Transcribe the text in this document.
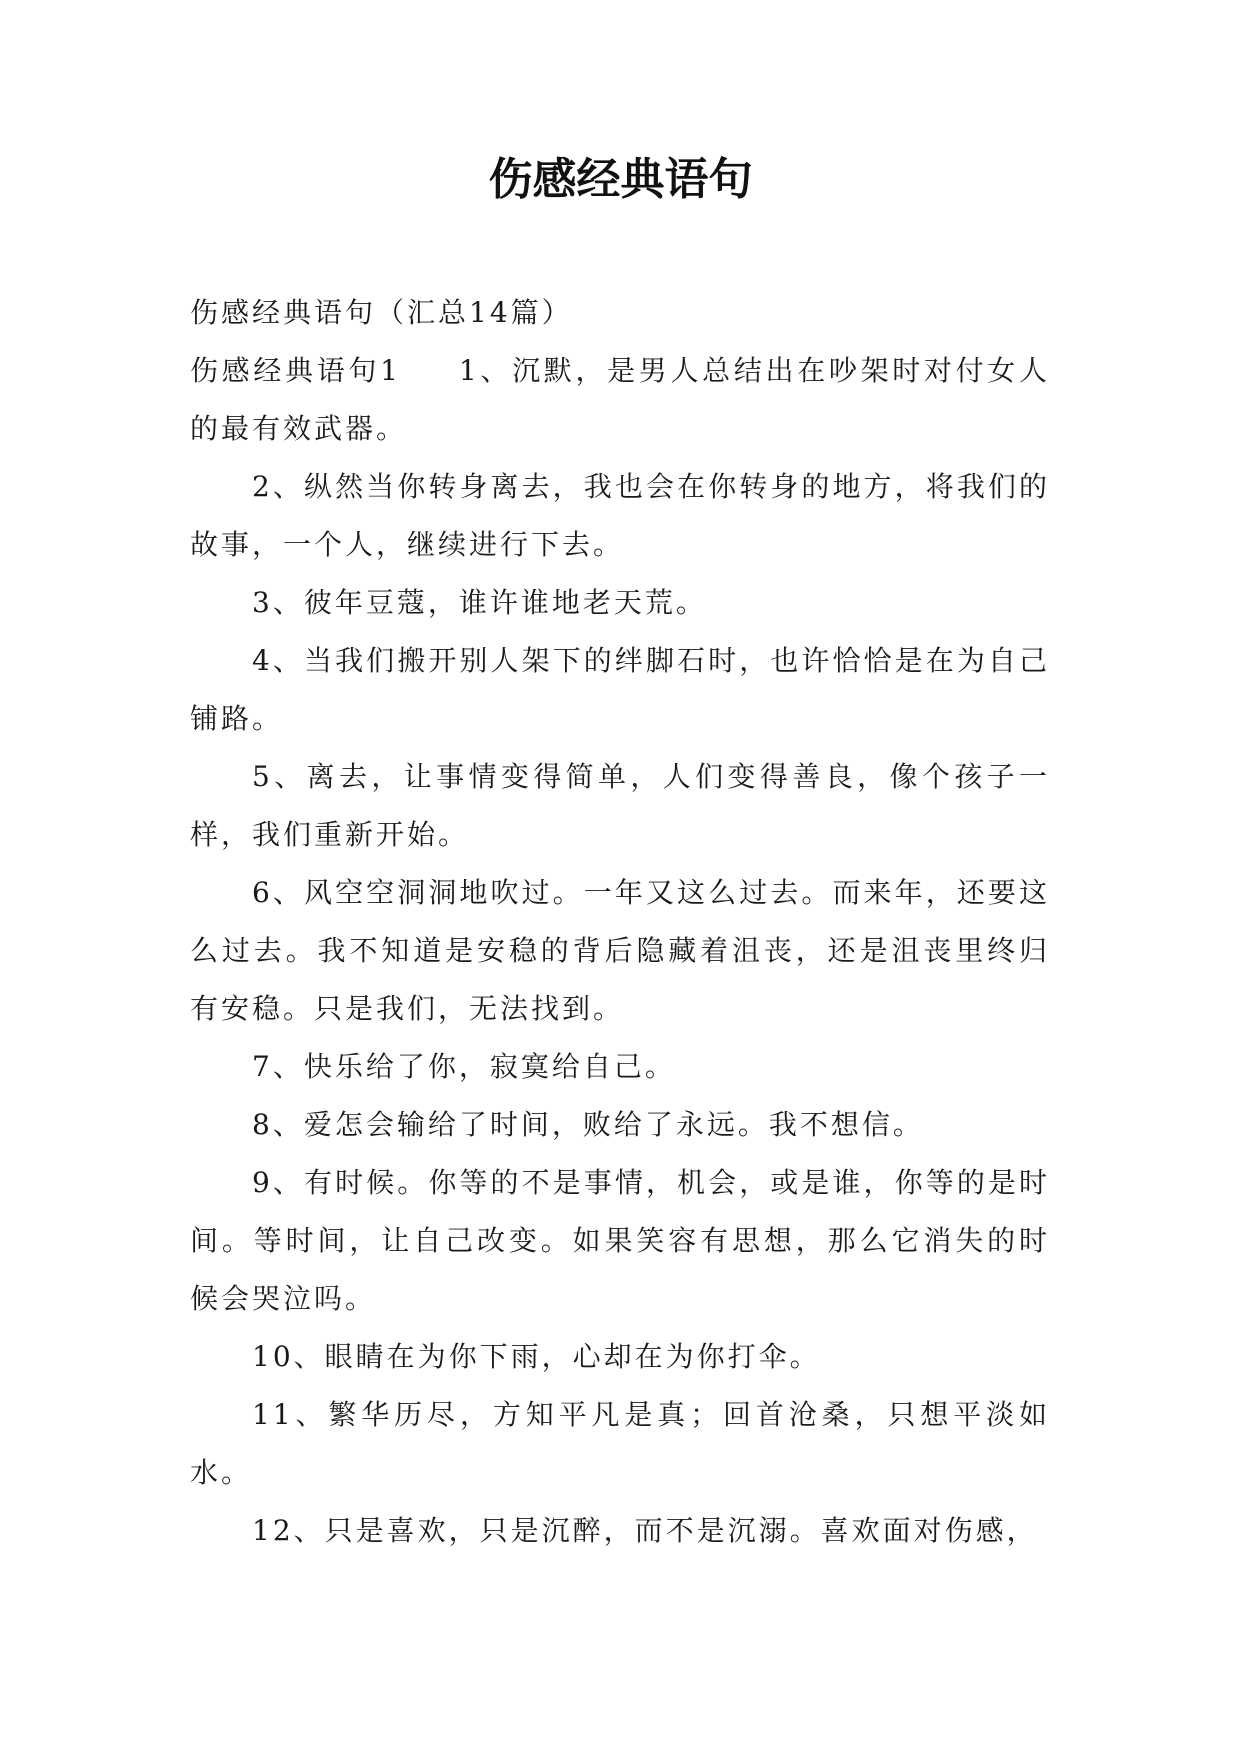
伤感经典语句

伤感经典语句（汇总14篇）

伤感经典语句1 1、沉默，是男人总结出在吵架时对付女人的最有效武器。

2、纵然当你转身离去，我也会在你转身的地方，将我们的故事，一个人，继续进行下去。

3、彼年豆蔻，谁许谁地老天荒。

4、当我们搬开别人架下的绊脚石时，也许恰恰是在为自己铺路。

5、离去，让事情变得简单，人们变得善良，像个孩子一样，我们重新开始。

6、风空空洞洞地吹过。一年又这么过去。而来年，还要这么过去。我不知道是安稳的背后隐藏着沮丧，还是沮丧里终归有安稳。只是我们，无法找到。

7、快乐给了你，寂寞给自己。

8、爱怎会输给了时间，败给了永远。我不想信。

9、有时候。你等的不是事情，机会，或是谁，你等的是时间。等时间，让自己改变。如果笑容有思想，那么它消失的时候会哭泣吗。

10、眼睛在为你下雨，心却在为你打伞。

11、繁华历尽，方知平凡是真；回首沧桑，只想平淡如水。

12、只是喜欢，只是沉醉，而不是沉溺。喜欢面对伤感，
